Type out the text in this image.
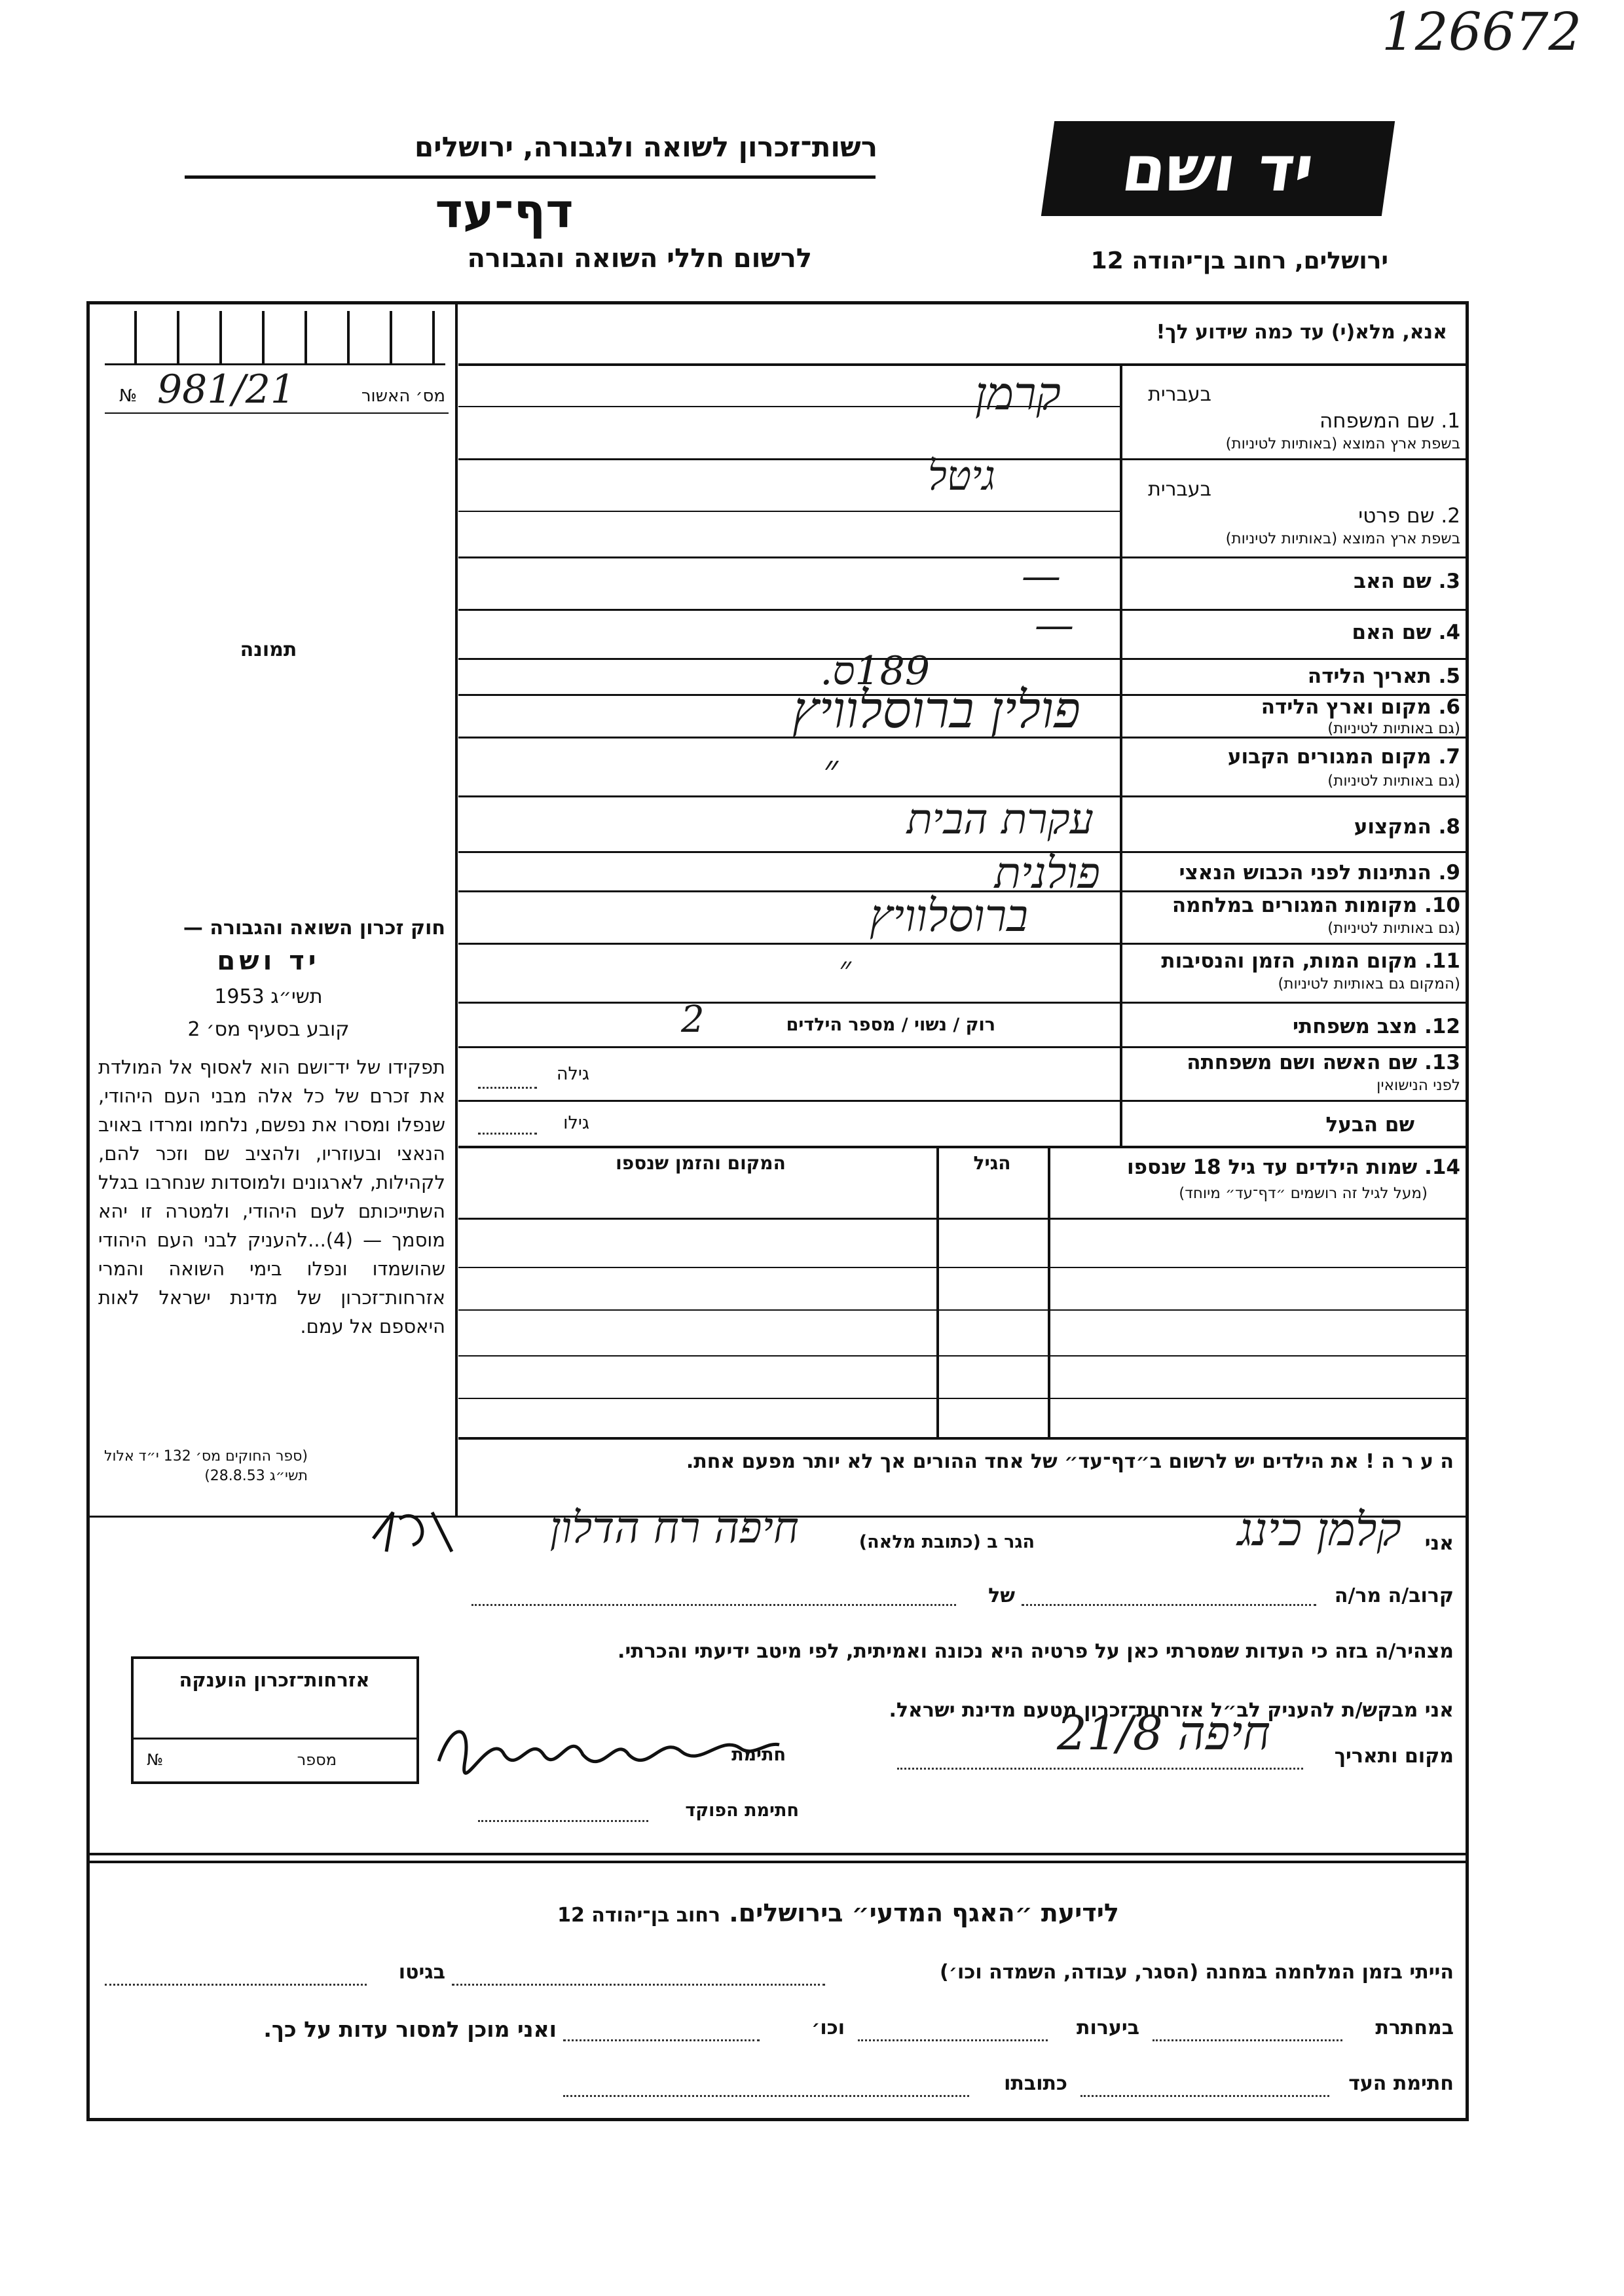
126672
רשות־זכרון לשואה ולגבורה, ירושלים
דף־עד
לרשום חללי השואה והגבורה
יד ושם
ירושלים, רחוב בן־יהודה 12
מס׳ האשור
№ 981/21
תמונה
חוק זכרון השואה והגבורה —
יד ושם
תשי״ג 1953
קובע בסעיף מס׳ 2
תפקידו של יד־ושם הוא לאסוף אל המולדת את זכרם של כל אלה מבני העם היהודי, שנפלו ומסרו את נפשם, נלחמו ומרדו באויב הנאצי ובעוזריו, ולהציב שם וזכר להם, לקהילות, לארגונים ולמוסדות שנחרבו בגלל השתייכותם לעם היהודי, ולמטרה זו יהא מוסמך — (4)...להעניק לבני העם היהודי שהושמדו ונפלו בימי השואה והמרי אזרחות־זכרון של מדינת ישראל לאות היאספם אל עמם.
(ספר החוקים מס׳ 132 י״ד אלול תשי״ג 28.8.53)
אנא, מלא(י) עד כמה שידוע לך!
בעברית
1. שם המשפחה
בשפת ארץ המוצא (באותיות לטיניות)
בעברית
2. שם פרטי
בשפת ארץ המוצא (באותיות לטיניות)
3. שם האב
4. שם האם
5. תאריך הלידה
6. מקום וארץ הלידה
(גם באותיות לטיניות)
7. מקום המגורים הקבוע
(גם באותיות לטיניות)
8. המקצוע
9. הנתינות לפני הכבוש הנאצי
10. מקומות המגורים במלחמה
(גם באותיות לטיניות)
11. מקום המות, הזמן והנסיבות
(המקום גם באותיות לטיניות)
12. מצב משפחתי
13. שם האשה ושם משפחתה
לפני הנישואין
שם הבעל
קרמן
גיטל
—
—
189ס.
פולין ברוסלוויץ
״
עקרת הבית
פולנית
ברוסלוויץ
״
רוק / נשוי / מספר הילדים
2
גילה
גילו
14. שמות הילדים עד גיל 18 שנספו
(מעל לגיל זה רושמים ״דף־עד״ מיוחד)
הגיל
המקום והזמן שנספו
ה ע ר ה ! את הילדים יש לרשום ב״דף־עד״ של אחד ההורים אך לא יותר מפעם אחת.
אני
קלמן כינג
הגר ב (כתובת מלאה)
חיפה רח הדלון
קרוב/ה מר/ה
של
מצהיר/ה בזה כי העדות שמסרתי כאן על פרטיה היא נכונה ואמיתית, לפי מיטב ידיעתי והכרתי.
אני מבקש/ת להעניק לב״ל אזרחות־זכרון מטעם מדינת ישראל.
מקום ותאריך
חיפה 21/8
חתימת
חתימת הפוקד
אזרחות־זכרון הוענקה
מספר
№
לידיעת ״האגף המדעי״ בירושלים. רחוב בן־יהודה 12
הייתי בזמן המלחמה במחנה (הסגר, עבודה, השמדה וכו׳)
בגיטו
במחתרת
ביערות
וכו׳
ואני מוכן למסור עדות על כך.
חתימת העד
כתובתו
